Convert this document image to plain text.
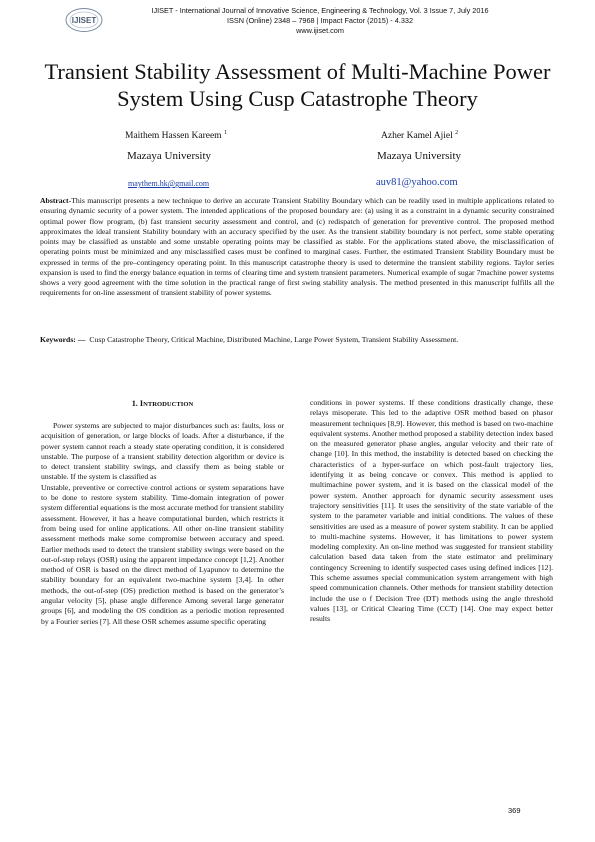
IJISET
IJISET - International Journal of Innovative Science, Engineering & Technology, Vol. 3 Issue 7, July 2016
ISSN (Online) 2348 – 7968 | Impact Factor (2015) - 4.332
www.ijiset.com
Transient Stability Assessment of Multi-Machine Power System Using Cusp Catastrophe Theory
Maithem Hassen Kareem $^1$	Azher Kamel Ajiel $^2$
Mazaya University	Mazaya University
maythem.hk@gmail.com	auv81@yahoo.com
Abstract-This manuscript presents a new technique to derive an accurate Transient Stability Boundary which can be readily used in multiple applications related to ensuring dynamic security of a power system. The intended applications of the proposed boundary are: (a) using it as a constraint in a dynamic security constrained optimal power flow program, (b) fast transient security assessment and control, and (c) redispatch of generation for preventive control. The proposed method approximates the ideal transient Stability boundary with an accuracy specified by the user. As the transient stability boundary is not perfect, some stable operating points may be classified as unstable and some unstable operating points may be classified as stable. For the applications stated above, the misclassification of operating points must be minimized and any misclassified cases must be confined to marginal cases. Further, the estimated Transient Stability Boundary must be expressed in terms of the pre–contingency operating point. In this manuscript catastrophe theory is used to determine the transient stability regions. Taylor series expansion is used to find the energy balance equation in terms of clearing time and system transient parameters. Numerical example of sugar 7machine power systems shows a very good agreement with the time solution in the practical range of first swing stability analysis. The method presented in this manuscript fulfills all the requirements for on-line assessment of transient stability of power systems.
Keywords: — Cusp Catastrophe Theory, Critical Machine, Distributed Machine, Large Power System, Transient Stability Assessment.
1. INTRODUCTION

Power systems are subjected to major disturbances such as: faults, loss or acquisition of generation, or large blocks of loads. After a disturbance, if the power system cannot reach a steady state operating condition, it is considered unstable. The purpose of a transient stability detection algorithm or device is to detect transient stability swings, and classify them as being stable or unstable. If the system is classified as

Unstable, preventive or corrective control actions or system separations have to be done to restore system stability. Time-domain integration of power system differential equations is the most accurate method for transient stability assessment. However, it has a heave computational burden, which restricts it from being used for online applications. All other on-line transient stability assessment methods make some compromise between accuracy and speed. Earlier methods used to detect the transient stability swings were based on the out-of-step relays (OSR) using the apparent impedance concept [1,2]. Another method of OSR is based on the direct method of Lyapunov to determine the stability boundary for an equivalent two-machine system [3,4]. In other methods, the out-of-step (OS) prediction method is based on the generator’s angular velocity [5], phase angle difference Among several large generator groups [6], and modeling the OS condition as a periodic motion represented by a Fourier series [7]. All these OSR schemes assume specific operating

conditions in power systems. If these conditions drastically change, these relays misoperate. This led to the adaptive OSR method based on phasor measurement techniques [8,9]. However, this method is based on two-machine equivalent systems. Another method proposed a stability detection index based on the measured generator phase angles, angular velocity and their rate of change [10]. In this method, the instability is detected based on checking the characteristics of a hyper-surface on which post-fault trajectory lies, identifying it as being concave or convex. This method is applied to multimachine power system, and it is based on the classical model of the power system. Another approach for dynamic security assessment uses trajectory sensitivities [11]. It uses the sensitivity of the state variable of the system to the parameter variable and initial conditions. The values of these sensitivities are used as a measure of power system stability. It can be applied to multi-machine systems. However, it has limitations to power system modeling complexity. An on-line method was suggested for transient stability calculation based data taken from the state estimator and preliminary contingency Screening to identify suspected cases using defined indices [12]. This scheme assumes special communication system arrangement with high speed communication channels. Other methods for transient stability detection include the use o f Decision Tree (DT) methods using the angle threshold values [13], or Critical Clearing Time (CCT) [14]. One may expect better results

369
